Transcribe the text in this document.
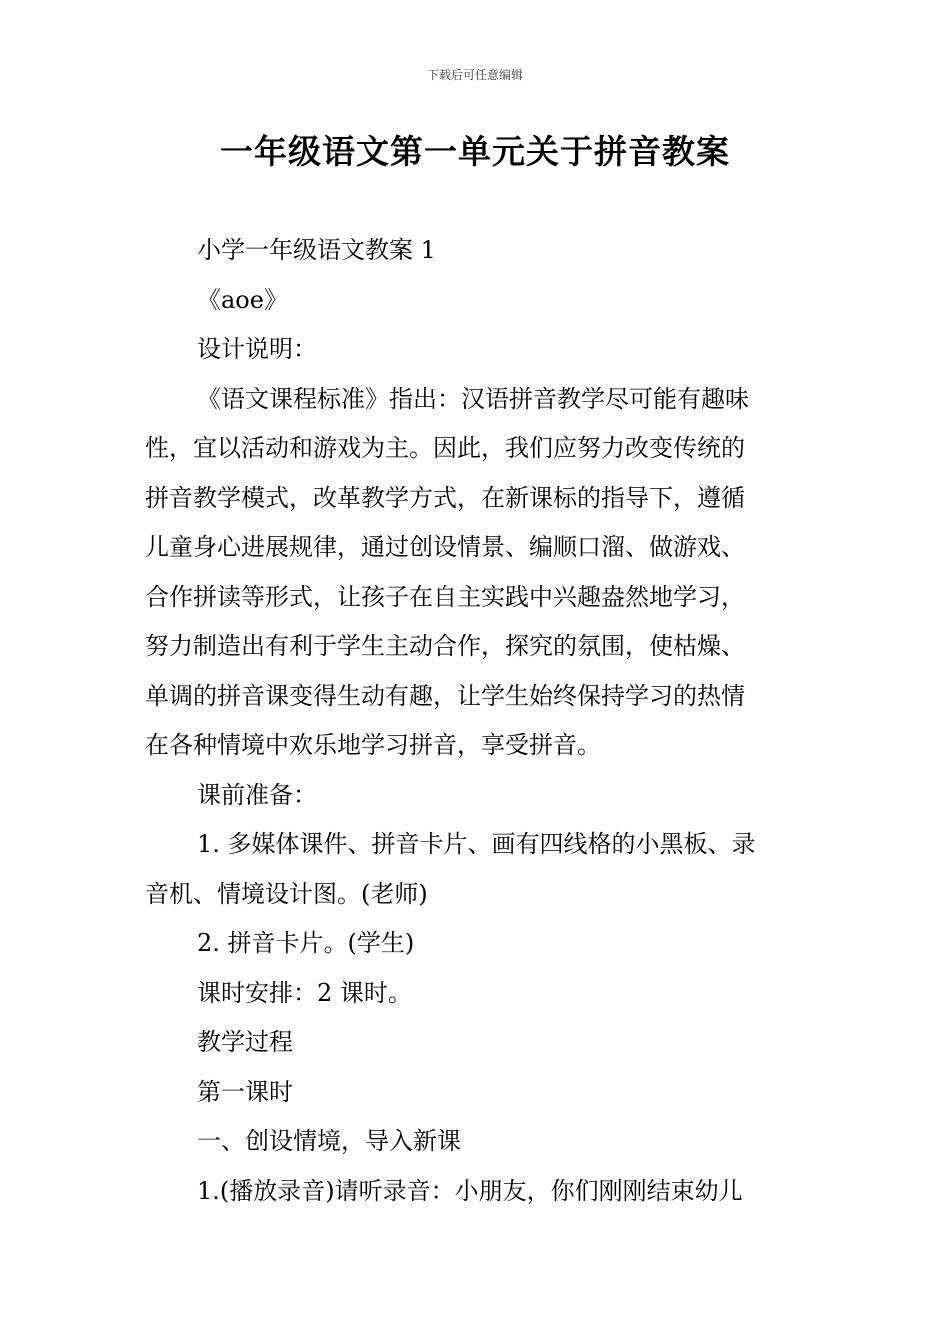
下载后可任意编辑
一年级语文第一单元关于拼音教案
小学一年级语文教案 1
《aoe》
设计说明：
《语文课程标准》指出：汉语拼音教学尽可能有趣味
性，宜以活动和游戏为主。因此，我们应努力改变传统的
拼音教学模式，改革教学方式，在新课标的指导下，遵循
儿童身心进展规律，通过创设情景、编顺口溜、做游戏、
合作拼读等形式，让孩子在自主实践中兴趣盎然地学习，
努力制造出有利于学生主动合作，探究的氛围，使枯燥、
单调的拼音课变得生动有趣，让学生始终保持学习的热情
在各种情境中欢乐地学习拼音，享受拼音。
课前准备：
1. 多媒体课件、拼音卡片、画有四线格的小黑板、录
音机、情境设计图。(老师)
2. 拼音卡片。(学生)
课时安排：2 课时。
教学过程
第一课时
一、创设情境，导入新课
1.(播放录音)请听录音：小朋友，你们刚刚结束幼儿
